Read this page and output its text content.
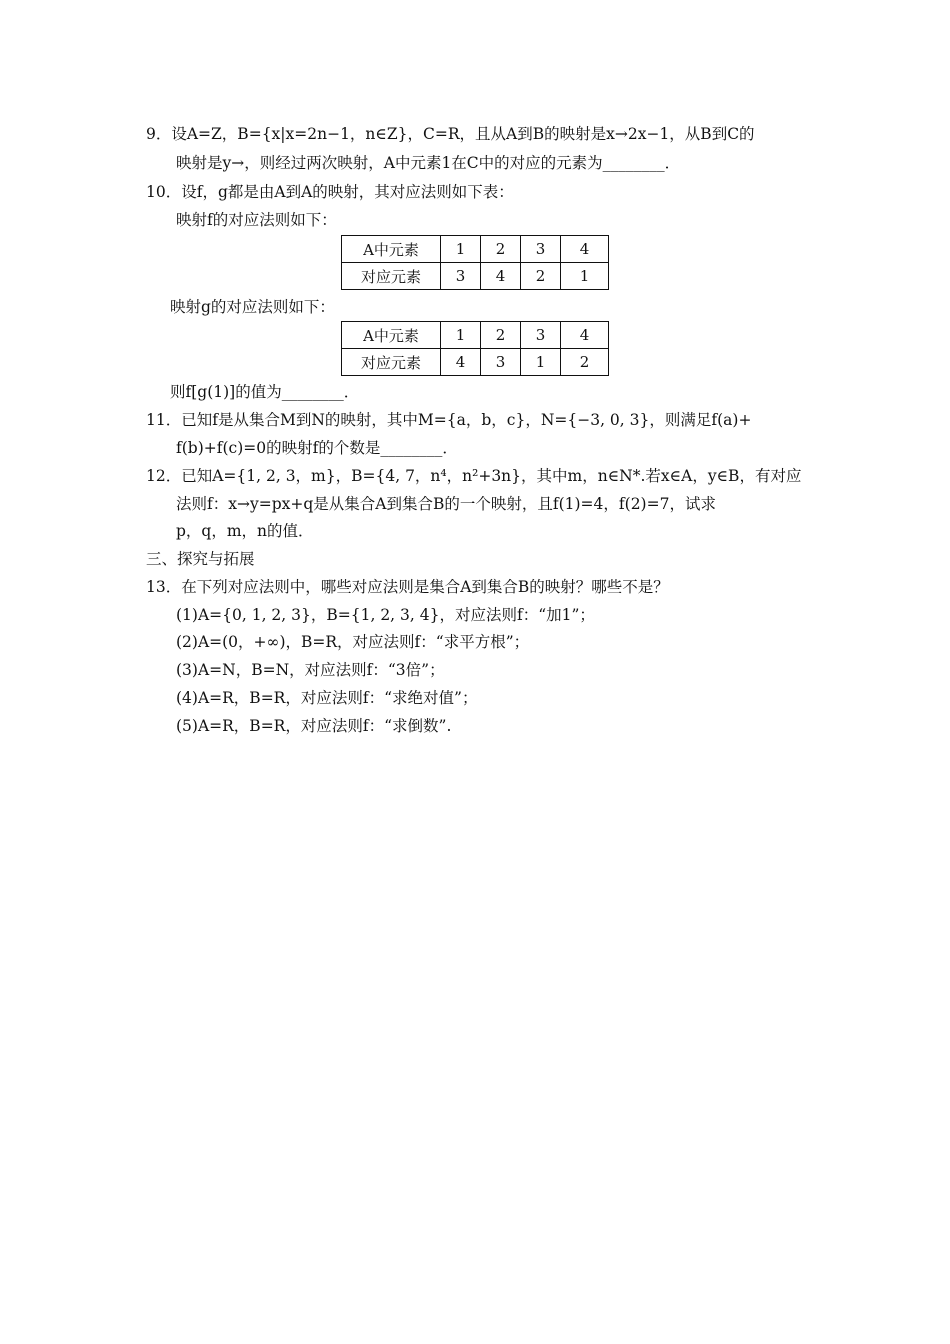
9．设A=Z，B={x|x=2n−1，n∈Z}，C=R，且从A到B的映射是x→2x−1，从B到C的
映射是y→，则经过两次映射，A中元素1在C中的对应的元素为________．
10．设f，g都是由A到A的映射，其对应法则如下表：
映射f的对应法则如下：
A中元素	1	2	3	4
对应元素	3	4	2	1
映射g的对应法则如下：
A中元素	1	2	3	4
对应元素	4	3	1	2
则f[g(1)]的值为________．
11．已知f是从集合M到N的映射，其中M={a，b，c}，N={−3, 0, 3}，则满足f(a)+
f(b)+f(c)=0的映射f的个数是________．
12．已知A={1, 2, 3，m}，B={4, 7，n⁴，n²+3n}，其中m，n∈N*.若x∈A，y∈B，有对应
法则f：x→y=px+q是从集合A到集合B的一个映射，且f(1)=4，f(2)=7，试求
p，q，m，n的值．
三、探究与拓展
13．在下列对应法则中，哪些对应法则是集合A到集合B的映射？哪些不是？
(1)A={0, 1, 2, 3}，B={1, 2, 3, 4}，对应法则f：“加1”；
(2)A=(0，+∞)，B=R，对应法则f：“求平方根”；
(3)A=N，B=N，对应法则f：“3倍”；
(4)A=R，B=R，对应法则f：“求绝对值”；
(5)A=R，B=R，对应法则f：“求倒数”.
